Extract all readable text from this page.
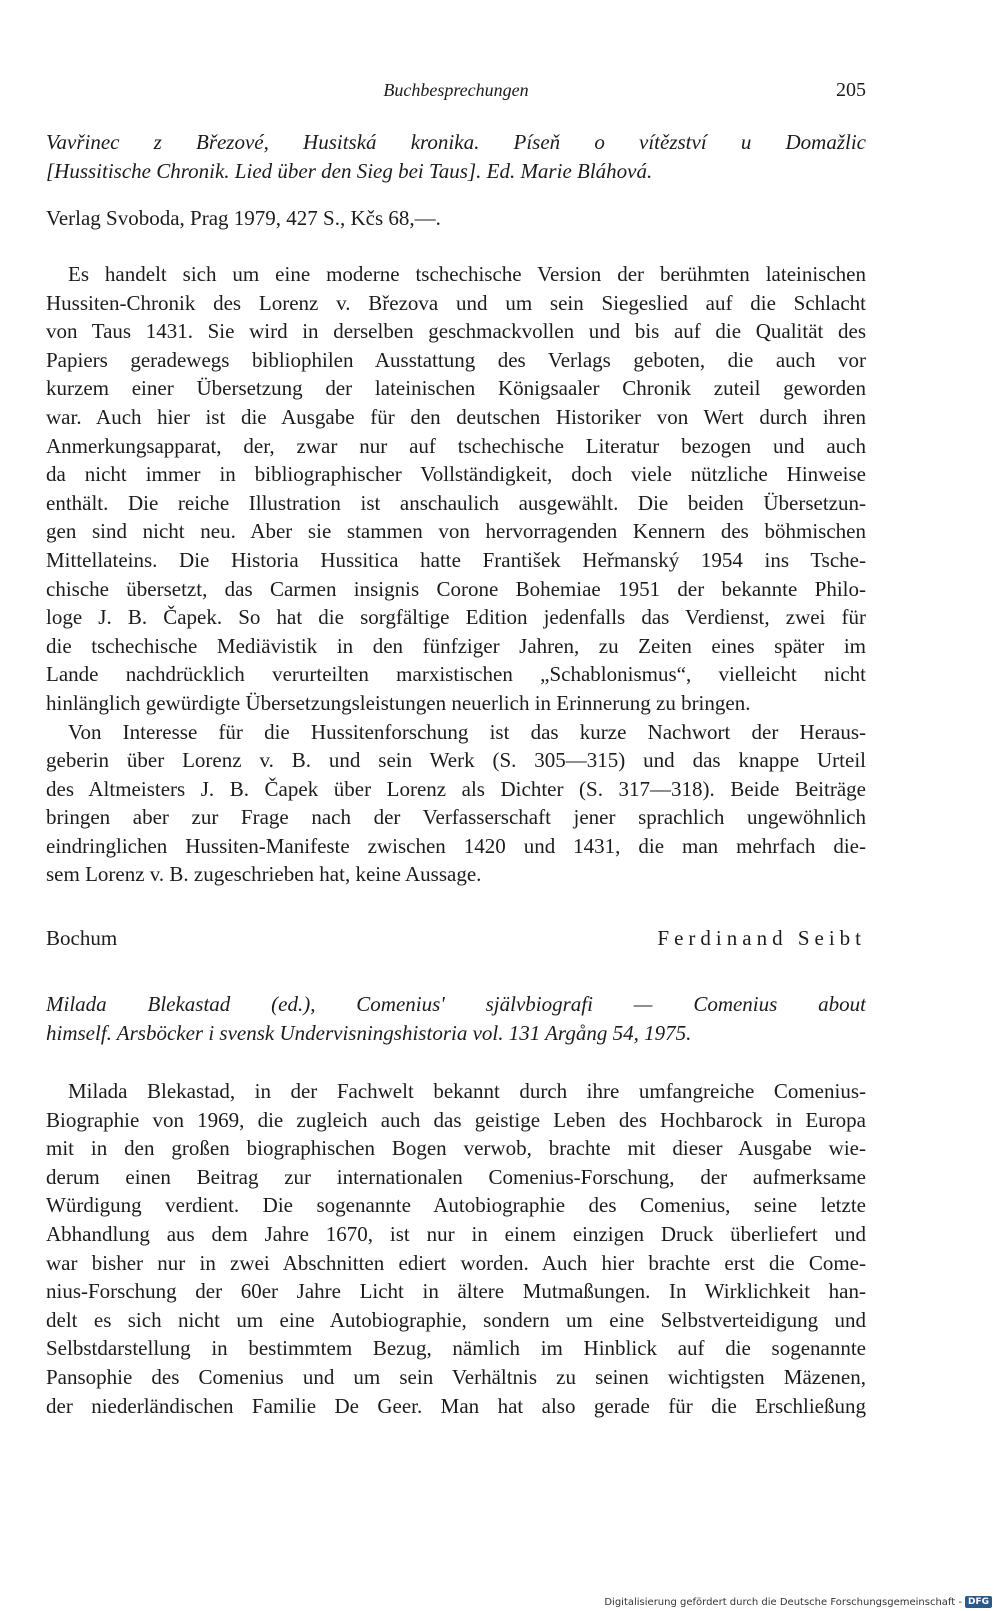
Buchbesprechungen	205
Vavřinec z Březové, Husitská kronika. Píseň o vítězství u Domažlic
[Hussitische Chronik. Lied über den Sieg bei Taus]. Ed. Marie Bláhová.
Verlag Svoboda, Prag 1979, 427 S., Kčs 68,—.
Es handelt sich um eine moderne tschechische Version der berühmten lateinischen
Hussiten-Chronik des Lorenz v. Březova und um sein Siegeslied auf die Schlacht
von Taus 1431. Sie wird in derselben geschmackvollen und bis auf die Qualität des
Papiers geradewegs bibliophilen Ausstattung des Verlags geboten, die auch vor
kurzem einer Übersetzung der lateinischen Königsaaler Chronik zuteil geworden
war. Auch hier ist die Ausgabe für den deutschen Historiker von Wert durch ihren
Anmerkungsapparat, der, zwar nur auf tschechische Literatur bezogen und auch
da nicht immer in bibliographischer Vollständigkeit, doch viele nützliche Hinweise
enthält. Die reiche Illustration ist anschaulich ausgewählt. Die beiden Übersetzun-
gen sind nicht neu. Aber sie stammen von hervorragenden Kennern des böhmischen
Mittellateins. Die Historia Hussitica hatte František Heřmanský 1954 ins Tsche-
chische übersetzt, das Carmen insignis Corone Bohemiae 1951 der bekannte Philo-
loge J. B. Čapek. So hat die sorgfältige Edition jedenfalls das Verdienst, zwei für
die tschechische Mediävistik in den fünfziger Jahren, zu Zeiten eines später im
Lande nachdrücklich verurteilten marxistischen „Schablonismus“, vielleicht nicht
hinlänglich gewürdigte Übersetzungsleistungen neuerlich in Erinnerung zu bringen.
Von Interesse für die Hussitenforschung ist das kurze Nachwort der Heraus-
geberin über Lorenz v. B. und sein Werk (S. 305—315) und das knappe Urteil
des Altmeisters J. B. Čapek über Lorenz als Dichter (S. 317—318). Beide Beiträge
bringen aber zur Frage nach der Verfasserschaft jener sprachlich ungewöhnlich
eindringlichen Hussiten-Manifeste zwischen 1420 und 1431, die man mehrfach die-
sem Lorenz v. B. zugeschrieben hat, keine Aussage.
Bochum	Ferdinand Seibt
Milada Blekastad (ed.), Comenius' självbiografi — Comenius about
himself. Arsböcker i svensk Undervisningshistoria vol. 131 Argång 54, 1975.
Milada Blekastad, in der Fachwelt bekannt durch ihre umfangreiche Comenius-
Biographie von 1969, die zugleich auch das geistige Leben des Hochbarock in Europa
mit in den großen biographischen Bogen verwob, brachte mit dieser Ausgabe wie-
derum einen Beitrag zur internationalen Comenius-Forschung, der aufmerksame
Würdigung verdient. Die sogenannte Autobiographie des Comenius, seine letzte
Abhandlung aus dem Jahre 1670, ist nur in einem einzigen Druck überliefert und
war bisher nur in zwei Abschnitten ediert worden. Auch hier brachte erst die Come-
nius-Forschung der 60er Jahre Licht in ältere Mutmaßungen. In Wirklichkeit han-
delt es sich nicht um eine Autobiographie, sondern um eine Selbstverteidigung und
Selbstdarstellung in bestimmtem Bezug, nämlich im Hinblick auf die sogenannte
Pansophie des Comenius und um sein Verhältnis zu seinen wichtigsten Mäzenen,
der niederländischen Familie De Geer. Man hat also gerade für die Erschließung
Digitalisierung gefördert durch die Deutsche Forschungsgemeinschaft - DFG
